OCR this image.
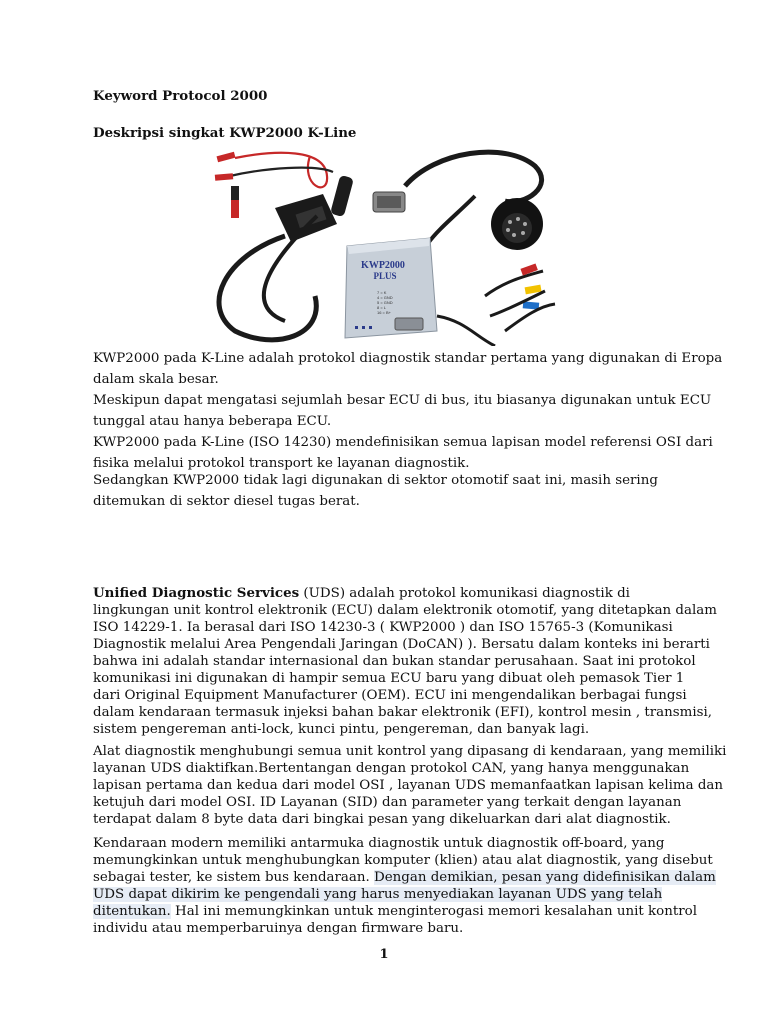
Keyword Protocol 2000

Deskripsi singkat KWP2000 K-Line

KWP2000
PLUS
7 = K
4 = GND
5 = GND
8 = L
16 = B+

KWP2000 pada K-Line adalah protokol diagnostik standar pertama yang digunakan di Eropa

dalam skala besar.

Meskipun dapat mengatasi sejumlah besar ECU di bus, itu biasanya digunakan untuk ECU

tunggal atau hanya beberapa ECU.

KWP2000 pada K-Line (ISO 14230) mendefinisikan semua lapisan model referensi OSI dari

fisika melalui protokol transport ke layanan diagnostik.

Sedangkan KWP2000 tidak lagi digunakan di sektor otomotif saat ini, masih sering

ditemukan di sektor diesel tugas berat.

Unified Diagnostic Services (UDS) adalah protokol komunikasi diagnostik di

lingkungan unit kontrol elektronik (ECU) dalam elektronik otomotif, yang ditetapkan dalam

ISO 14229-1. Ia berasal dari ISO 14230-3 ( KWP2000 ) dan ISO 15765-3 (Komunikasi

Diagnostik melalui Area Pengendali Jaringan (DoCAN) ). Bersatu dalam konteks ini berarti

bahwa ini adalah standar internasional dan bukan standar perusahaan. Saat ini protokol

komunikasi ini digunakan di hampir semua ECU baru yang dibuat oleh pemasok Tier 1

dari Original Equipment Manufacturer (OEM). ECU ini mengendalikan berbagai fungsi

dalam kendaraan termasuk injeksi bahan bakar elektronik (EFI), kontrol mesin , transmisi,

sistem pengereman anti-lock, kunci pintu, pengereman, dan banyak lagi.

Alat diagnostik menghubungi semua unit kontrol yang dipasang di kendaraan, yang memiliki

layanan UDS diaktifkan.Bertentangan dengan protokol CAN, yang hanya menggunakan

lapisan pertama dan kedua dari model OSI , layanan UDS memanfaatkan lapisan kelima dan

ketujuh dari model OSI. ID Layanan (SID) dan parameter yang terkait dengan layanan

terdapat dalam 8 byte data dari bingkai pesan yang dikeluarkan dari alat diagnostik.

Kendaraan modern memiliki antarmuka diagnostik untuk diagnostik off-board, yang

memungkinkan untuk menghubungkan komputer (klien) atau alat diagnostik, yang disebut

sebagai tester, ke sistem bus kendaraan. Dengan demikian, pesan yang didefinisikan dalam

UDS dapat dikirim ke pengendali yang harus menyediakan layanan UDS yang telah

ditentukan. Hal ini memungkinkan untuk menginterogasi memori kesalahan unit kontrol

individu atau memperbaruinya dengan firmware baru.

1
